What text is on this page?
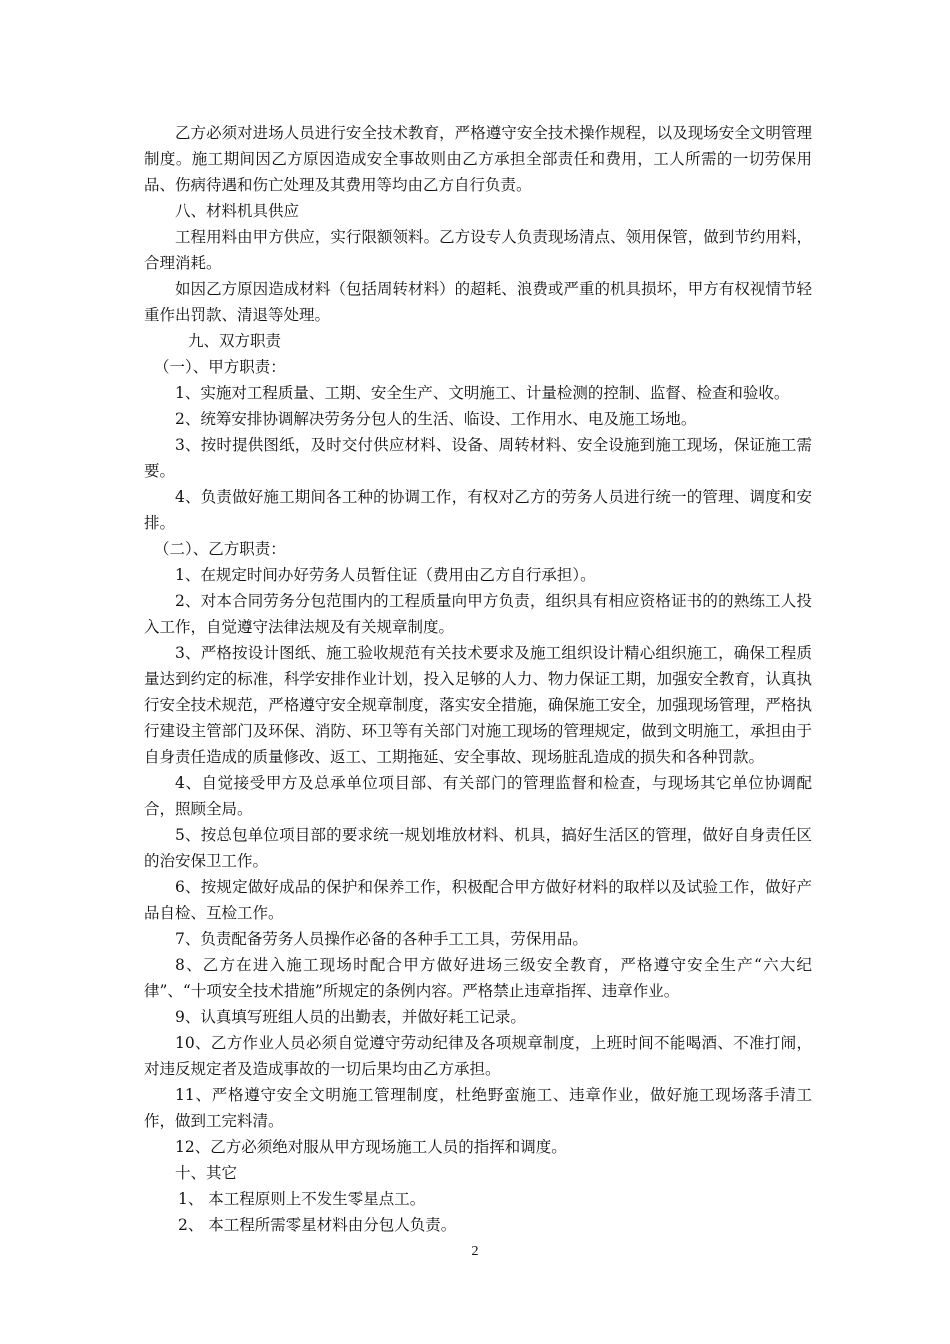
乙方必须对进场人员进行安全技术教育，严格遵守安全技术操作规程，以及现场安全文明管理制度。施工期间因乙方原因造成安全事故则由乙方承担全部责任和费用，工人所需的一切劳保用品、伤病待遇和伤亡处理及其费用等均由乙方自行负责。

八、材料机具供应

工程用料由甲方供应，实行限额领料。乙方设专人负责现场清点、领用保管，做到节约用料，合理消耗。

如因乙方原因造成材料（包括周转材料）的超耗、浪费或严重的机具损坏，甲方有权视情节轻重作出罚款、清退等处理。

九、双方职责

（一）、甲方职责：

1、实施对工程质量、工期、安全生产、文明施工、计量检测的控制、监督、检查和验收。

2、统筹安排协调解决劳务分包人的生活、临设、工作用水、电及施工场地。

3、按时提供图纸，及时交付供应材料、设备、周转材料、安全设施到施工现场，保证施工需要。

4、负责做好施工期间各工种的协调工作，有权对乙方的劳务人员进行统一的管理、调度和安排。

（二）、乙方职责：

1、在规定时间办好劳务人员暂住证（费用由乙方自行承担）。

2、对本合同劳务分包范围内的工程质量向甲方负责，组织具有相应资格证书的的熟练工人投入工作，自觉遵守法律法规及有关规章制度。

3、严格按设计图纸、施工验收规范有关技术要求及施工组织设计精心组织施工，确保工程质量达到约定的标准，科学安排作业计划，投入足够的人力、物力保证工期，加强安全教育，认真执行安全技术规范，严格遵守安全规章制度，落实安全措施，确保施工安全，加强现场管理，严格执行建设主管部门及环保、消防、环卫等有关部门对施工现场的管理规定，做到文明施工，承担由于自身责任造成的质量修改、返工、工期拖延、安全事故、现场脏乱造成的损失和各种罚款。

4、自觉接受甲方及总承单位项目部、有关部门的管理监督和检查，与现场其它单位协调配合，照顾全局。

5、按总包单位项目部的要求统一规划堆放材料、机具，搞好生活区的管理，做好自身责任区的治安保卫工作。

6、按规定做好成品的保护和保养工作，积极配合甲方做好材料的取样以及试验工作，做好产品自检、互检工作。

7、负责配备劳务人员操作必备的各种手工工具，劳保用品。

8、乙方在进入施工现场时配合甲方做好进场三级安全教育，严格遵守安全生产“六大纪律”、“十项安全技术措施”所规定的条例内容。严格禁止违章指挥、违章作业。

9、认真填写班组人员的出勤表，并做好耗工记录。

10、乙方作业人员必须自觉遵守劳动纪律及各项规章制度，上班时间不能喝酒、不准打闹，对违反规定者及造成事故的一切后果均由乙方承担。

11、严格遵守安全文明施工管理制度，杜绝野蛮施工、违章作业，做好施工现场落手清工作，做到工完料清。

12、乙方必须绝对服从甲方现场施工人员的指挥和调度。

十、其它

1、 本工程原则上不发生零星点工。

2、 本工程所需零星材料由分包人负责。

2
